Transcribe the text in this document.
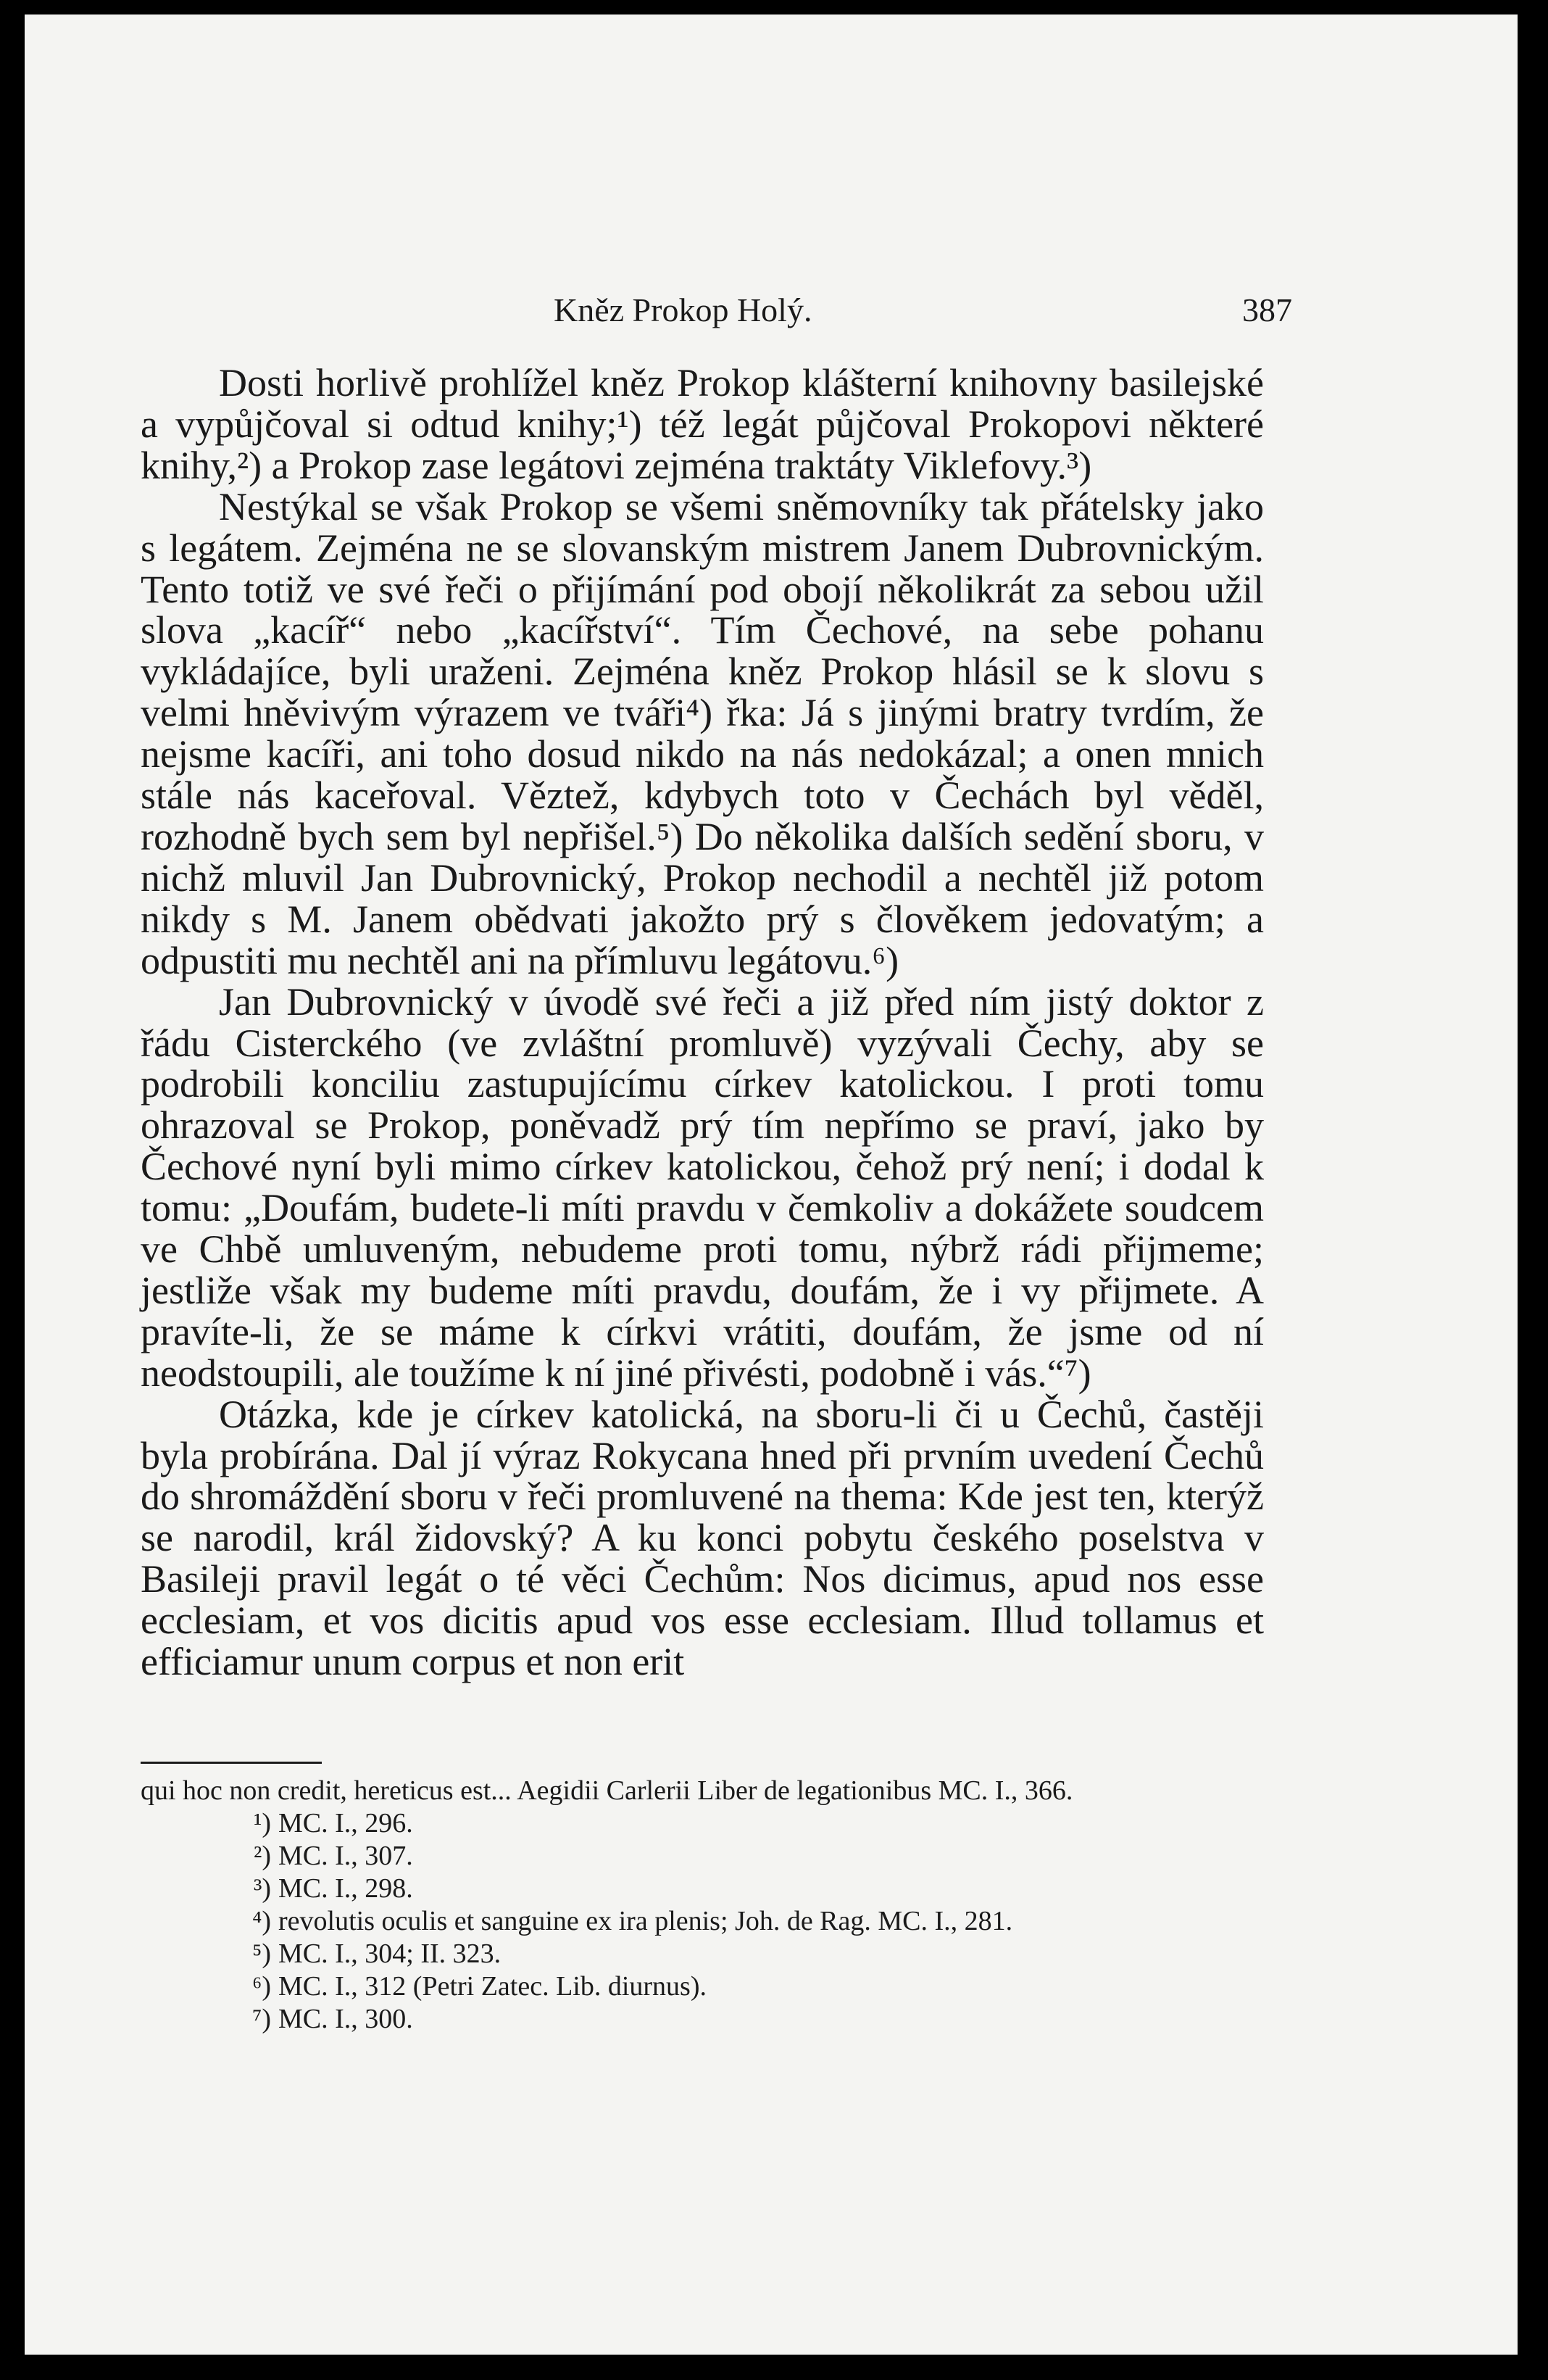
Kněz Prokop Holý.	387

Dosti horlivě prohlížel kněz Prokop klášterní knihovny basilejské a vypůjčoval si odtud knihy;¹) též legát půjčoval Prokopovi některé knihy,²) a Prokop zase legátovi zejména traktáty Viklefovy.³)

Nestýkal se však Prokop se všemi sněmovníky tak přátelsky jako s legátem. Zejména ne se slovanským mistrem Janem Dubrovnickým. Tento totiž ve své řeči o přijímání pod obojí několikrát za sebou užil slova „kacíř“ nebo „kacířství“. Tím Čechové, na sebe pohanu vykládajíce, byli uraženi. Zejména kněz Prokop hlásil se k slovu s velmi hněvivým výrazem ve tváři⁴) řka: Já s jinými bratry tvrdím, že nejsme kacíři, ani toho dosud nikdo na nás nedokázal; a onen mnich stále nás kaceřoval. Věztež, kdybych toto v Čechách byl věděl, rozhodně bych sem byl nepřišel.⁵) Do několika dalších sedění sboru, v nichž mluvil Jan Dubrovnický, Prokop nechodil a nechtěl již potom nikdy s M. Janem obědvati jakožto prý s člověkem jedovatým; a odpustiti mu nechtěl ani na přímluvu legátovu.⁶)

Jan Dubrovnický v úvodě své řeči a již před ním jistý doktor z řádu Cisterckého (ve zvláštní promluvě) vyzývali Čechy, aby se podrobili konciliu zastupujícímu církev katolickou. I proti tomu ohrazoval se Prokop, poněvadž prý tím nepřímo se praví, jako by Čechové nyní byli mimo církev katolickou, čehož prý není; i dodal k tomu: „Doufám, budete-li míti pravdu v čemkoliv a dokážete soudcem ve Chbě umluveným, nebudeme proti tomu, nýbrž rádi přijmeme; jestliže však my budeme míti pravdu, doufám, že i vy přijmete. A pravíte-li, že se máme k církvi vrátiti, doufám, že jsme od ní neodstoupili, ale toužíme k ní jiné přivésti, podobně i vás.“⁷)

Otázka, kde je církev katolická, na sboru-li či u Čechů, častěji byla probírána. Dal jí výraz Rokycana hned při prvním uvedení Čechů do shromáždění sboru v řeči promluvené na thema: Kde jest ten, kterýž se narodil, král židovský? A ku konci pobytu českého poselstva v Basileji pravil legát o té věci Čechům: Nos dicimus, apud nos esse ecclesiam, et vos dicitis apud vos esse ecclesiam. Illud tollamus et efficiamur unum corpus et non erit

qui hoc non credit, hereticus est... Aegidii Carlerii Liber de legationibus MC. I., 366.
¹) MC. I., 296.
²) MC. I., 307.
³) MC. I., 298.
⁴) revolutis oculis et sanguine ex ira plenis; Joh. de Rag. MC. I., 281.
⁵) MC. I., 304; II. 323.
⁶) MC. I., 312 (Petri Zatec. Lib. diurnus).
⁷) MC. I., 300.
